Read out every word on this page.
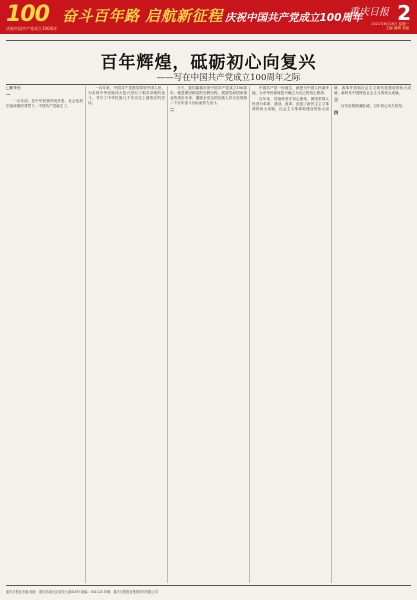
100
庆祝中国共产党成立100周年
奋斗百年路 启航新征程 庆祝中国共产党成立100周年
重庆日报 2
2021年6月28日 星期一
主编 编辑 美编
百年辉煌，砥砺初心向复兴
——写在中国共产党成立100周年之际

□新华社

一

一百年前，在中华民族内忧外患、社会危机空前深重的背景下，中国共产党诞生了。

一百年来，中国共产党团结带领中国人民，为实现中华民族伟大复兴进行了艰苦卓绝的奋斗，书写了中华民族几千年历史上最恢宏的史诗。

今天，我们隆重庆祝中国共产党成立100周年，就是要回顾党的光辉历程，展望党和国家事业的美好未来，激励全党全国各族人民为实现第二个百年奋斗目标而努力奋斗。

二

中国共产党一经诞生，就把为中国人民谋幸福、为中华民族谋复兴确立为自己的初心使命。

百年来，党始终坚守初心使命，团结带领人民进行革命、建设、改革，创造了新民主主义革命的伟大成就、社会主义革命和建设的伟大成就、改革开放和社会主义现代化建设的伟大成就、新时代中国特色社会主义的伟大成就。

三

百年征程波澜壮阔，百年初心历久弥坚。

四

重庆日报社出版 地址：重庆市渝北区同茂大道416号 邮编：401120 印刷：重庆日报报业集团印务有限公司
